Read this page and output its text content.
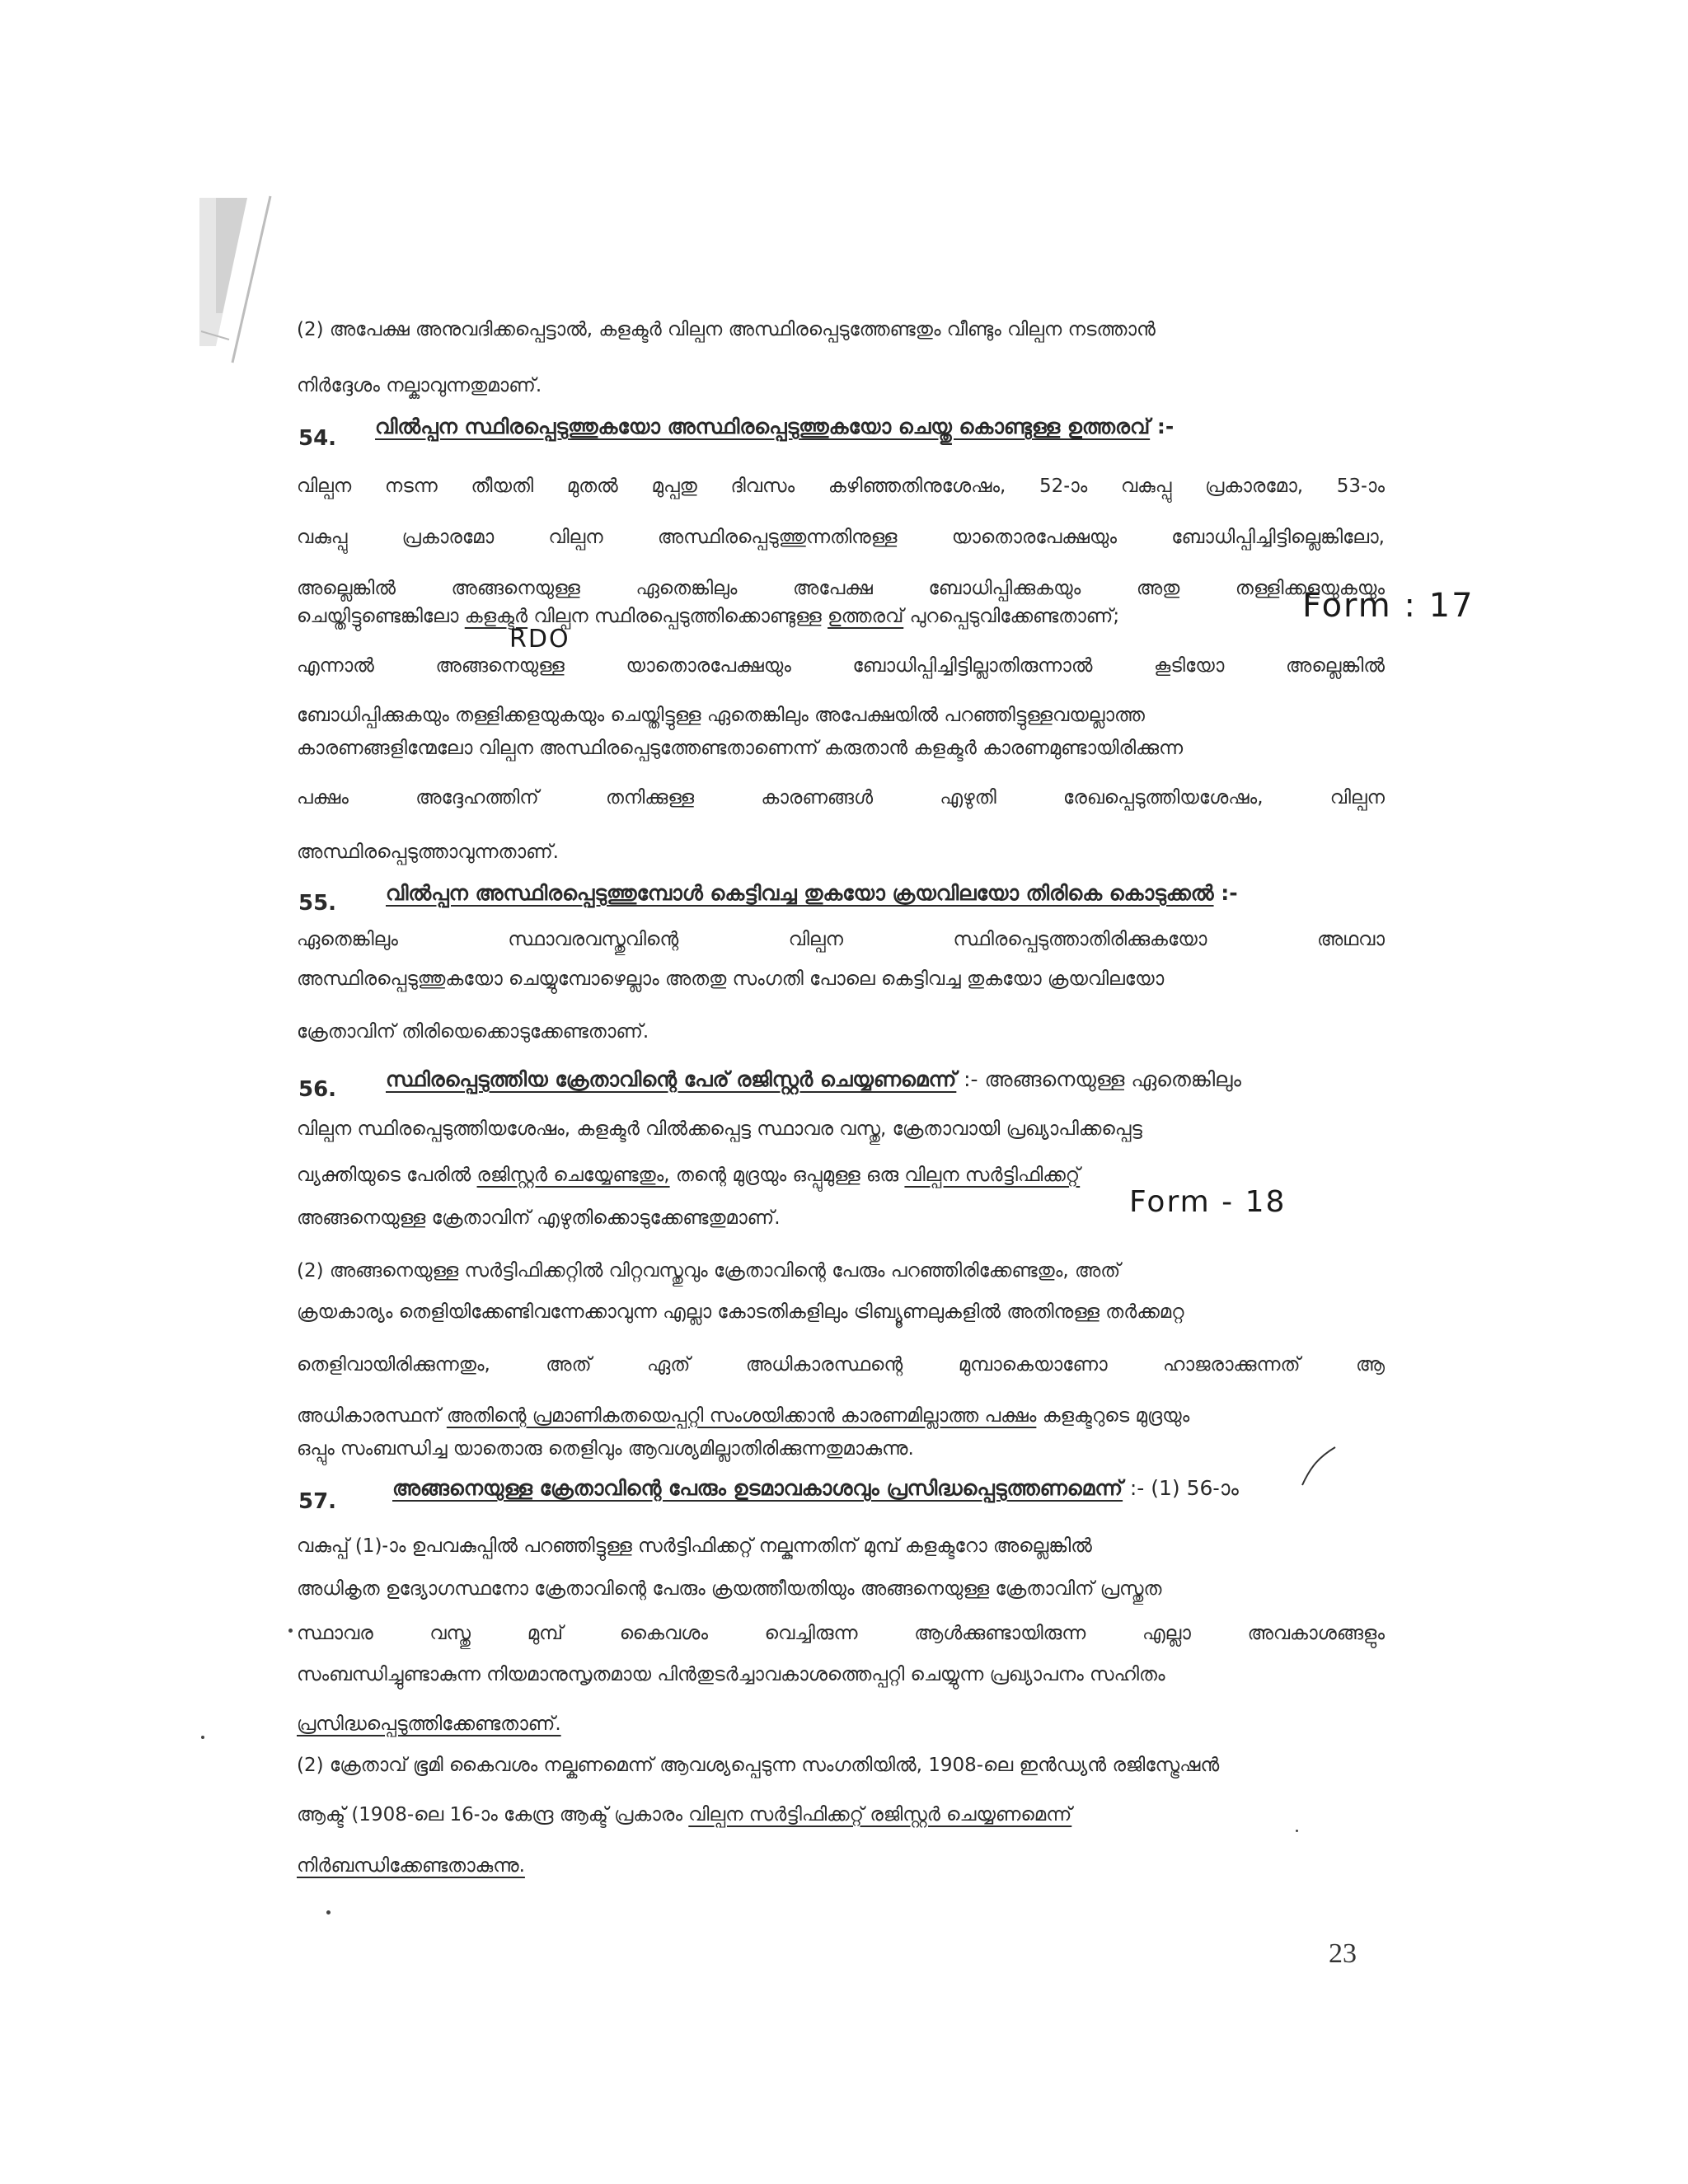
(2) അപേക്ഷ അനുവദിക്കപ്പെട്ടാൽ, കളക്ടർ വില്പന അസ്ഥിരപ്പെടുത്തേണ്ടതും വീണ്ടും വില്പന നടത്താൻ
നിർദ്ദേശം നല്കാവുന്നതുമാണ്.
54. വിൽപ്പന സ്ഥിരപ്പെടുത്തുകയോ അസ്ഥിരപ്പെടുത്തുകയോ ചെയ്തു കൊണ്ടുള്ള ഉത്തരവ് :-
വില്പന നടന്ന തീയതി മുതൽ മുപ്പതു ദിവസം കഴിഞ്ഞതിനുശേഷം, 52-ാം വകുപ്പു പ്രകാരമോ, 53-ാം
വകുപ്പു പ്രകാരമോ വില്പന അസ്ഥിരപ്പെടുത്തുന്നതിനുള്ള യാതൊരപേക്ഷയും ബോധിപ്പിച്ചിട്ടില്ലെങ്കിലോ,
അല്ലെങ്കിൽ അങ്ങനെയുള്ള ഏതെങ്കിലും അപേക്ഷ ബോധിപ്പിക്കുകയും അതു തള്ളിക്കളയുകയും
ചെയ്തിട്ടുണ്ടെങ്കിലോ കളക്ടർ വില്പന സ്ഥിരപ്പെടുത്തിക്കൊണ്ടുള്ള ഉത്തരവ് പുറപ്പെടുവിക്കേണ്ടതാണ്;
എന്നാൽ അങ്ങനെയുള്ള യാതൊരപേക്ഷയും ബോധിപ്പിച്ചിട്ടില്ലാതിരുന്നാൽ കൂടിയോ അല്ലെങ്കിൽ
ബോധിപ്പിക്കുകയും തള്ളിക്കളയുകയും ചെയ്തിട്ടുള്ള ഏതെങ്കിലും അപേക്ഷയിൽ പറഞ്ഞിട്ടുള്ളവയല്ലാത്ത
കാരണങ്ങളിന്മേലോ വില്പന അസ്ഥിരപ്പെടുത്തേണ്ടതാണെന്ന് കരുതാൻ കളക്ടർ കാരണമുണ്ടായിരിക്കുന്ന
പക്ഷം അദ്ദേഹത്തിന് തനിക്കുള്ള കാരണങ്ങൾ എഴുതി രേഖപ്പെടുത്തിയശേഷം, വില്പന
അസ്ഥിരപ്പെടുത്താവുന്നതാണ്.
55. വിൽപ്പന അസ്ഥിരപ്പെടുത്തുമ്പോൾ കെട്ടിവച്ച തുകയോ ക്രയവിലയോ തിരികെ കൊടുക്കൽ :-
ഏതെങ്കിലും സ്ഥാവരവസ്തുവിന്റെ വില്പന സ്ഥിരപ്പെടുത്താതിരിക്കുകയോ അഥവാ
അസ്ഥിരപ്പെടുത്തുകയോ ചെയ്യുമ്പോഴെല്ലാം അതതു സംഗതി പോലെ കെട്ടിവച്ച തുകയോ ക്രയവിലയോ
ക്രേതാവിന് തിരിയെക്കൊടുക്കേണ്ടതാണ്.
56. സ്ഥിരപ്പെടുത്തിയ ക്രേതാവിന്റെ പേര് രജിസ്റ്റർ ചെയ്യണമെന്ന് :- അങ്ങനെയുള്ള ഏതെങ്കിലും
വില്പന സ്ഥിരപ്പെടുത്തിയശേഷം, കളക്ടർ വിൽക്കപ്പെട്ട സ്ഥാവര വസ്തു, ക്രേതാവായി പ്രഖ്യാപിക്കപ്പെട്ട
വ്യക്തിയുടെ പേരിൽ രജിസ്റ്റർ ചെയ്യേണ്ടതും, തന്റെ മുദ്രയും ഒപ്പുമുള്ള ഒരു വില്പന സർട്ടിഫിക്കറ്റ്
അങ്ങനെയുള്ള ക്രേതാവിന് എഴുതിക്കൊടുക്കേണ്ടതുമാണ്.
(2) അങ്ങനെയുള്ള സർട്ടിഫിക്കറ്റിൽ വിറ്റവസ്തുവും ക്രേതാവിന്റെ പേരും പറഞ്ഞിരിക്കേണ്ടതും, അത്
ക്രയകാര്യം തെളിയിക്കേണ്ടിവന്നേക്കാവുന്ന എല്ലാ കോടതികളിലും ട്രിബ്യൂണലുകളിൽ അതിനുള്ള തർക്കമറ്റ
തെളിവായിരിക്കുന്നതും, അത് ഏത് അധികാരസ്ഥന്റെ മുമ്പാകെയാണോ ഹാജരാക്കുന്നത് ആ
അധികാരസ്ഥന് അതിന്റെ പ്രമാണികതയെപ്പറ്റി സംശയിക്കാൻ കാരണമില്ലാത്ത പക്ഷം കളക്ടറുടെ മുദ്രയും
ഒപ്പും സംബന്ധിച്ച യാതൊരു തെളിവും ആവശ്യമില്ലാതിരിക്കുന്നതുമാകുന്നു.
57.
അങ്ങനെയുള്ള ക്രേതാവിന്റെ പേരും ഉടമാവകാശവും പ്രസിദ്ധപ്പെടുത്തണമെന്ന് :- (1) 56-ാം
വകുപ്പ് (1)-ാം ഉപവകുപ്പിൽ പറഞ്ഞിട്ടുള്ള സർട്ടിഫിക്കറ്റ് നല്കുന്നതിന് മുമ്പ് കളക്ടറോ അല്ലെങ്കിൽ
അധികൃത ഉദ്യോഗസ്ഥനോ ക്രേതാവിന്റെ പേരും ക്രയത്തീയതിയും അങ്ങനെയുള്ള ക്രേതാവിന് പ്രസ്തുത
സ്ഥാവര വസ്തു മുമ്പ് കൈവശം വെച്ചിരുന്ന ആൾക്കുണ്ടായിരുന്ന എല്ലാ അവകാശങ്ങളും
സംബന്ധിച്ചുണ്ടാകുന്ന നിയമാനുസൃതമായ പിൻതുടർച്ചാവകാശത്തെപ്പറ്റി ചെയ്യുന്ന പ്രഖ്യാപനം സഹിതം
പ്രസിദ്ധപ്പെടുത്തിക്കേണ്ടതാണ്.
(2) ക്രേതാവ് ഭൂമി കൈവശം നല്കണമെന്ന് ആവശ്യപ്പെടുന്ന സംഗതിയിൽ, 1908-ലെ ഇൻഡ്യൻ രജിസ്ട്രേഷൻ
ആക്ട് (1908-ലെ 16-ാം കേന്ദ്ര ആക്ട് പ്രകാരം വില്പന സർട്ടിഫിക്കറ്റ് രജിസ്റ്റർ ചെയ്യണമെന്ന്
നിർബന്ധിക്കേണ്ടതാകുന്നു.
Form : 17
RDO
Form - 18
23
